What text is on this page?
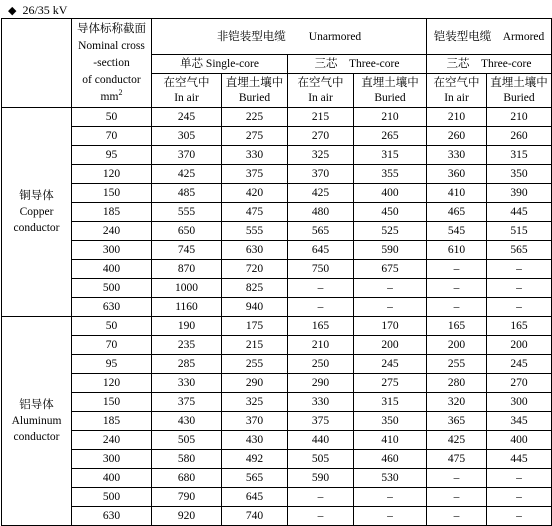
◆ 26/35 kV
	导体标称截面
Nominal cross
-section
of conductor
$mm^2$	非铠装型电缆　　Unarmored				铠装型电缆　Armored	
		单芯 Single-core		三芯　Three-core		三芯　Three-core	

		在空气中
In air	直埋土壤中
Buried	在空气中
In air	直埋土壤中
Buried	在空气中
In air	直埋土壤中
Buried

铜导体
Copper
conductor	50	245	225	215	210	210	210
	70	305	275	270	265	260	260
	95	370	330	325	315	330	315
	120	425	375	370	355	360	350
	150	485	420	425	400	410	390
	185	555	475	480	450	465	445
	240	650	555	565	525	545	515
	300	745	630	645	590	610	565
	400	870	720	750	675	–	–
	500	1000	825	–	–	–	–
	630	1160	940	–	–	–	–

铝导体
Aluminum
conductor	50	190	175	165	170	165	165
	70	235	215	210	200	200	200
	95	285	255	250	245	255	245
	120	330	290	290	275	280	270
	150	375	325	330	315	320	300
	185	430	370	375	350	365	345
	240	505	430	440	410	425	400
	300	580	492	505	460	475	445
	400	680	565	590	530	–	–
	500	790	645	–	–	–	–
	630	920	740	–	–	–	–
